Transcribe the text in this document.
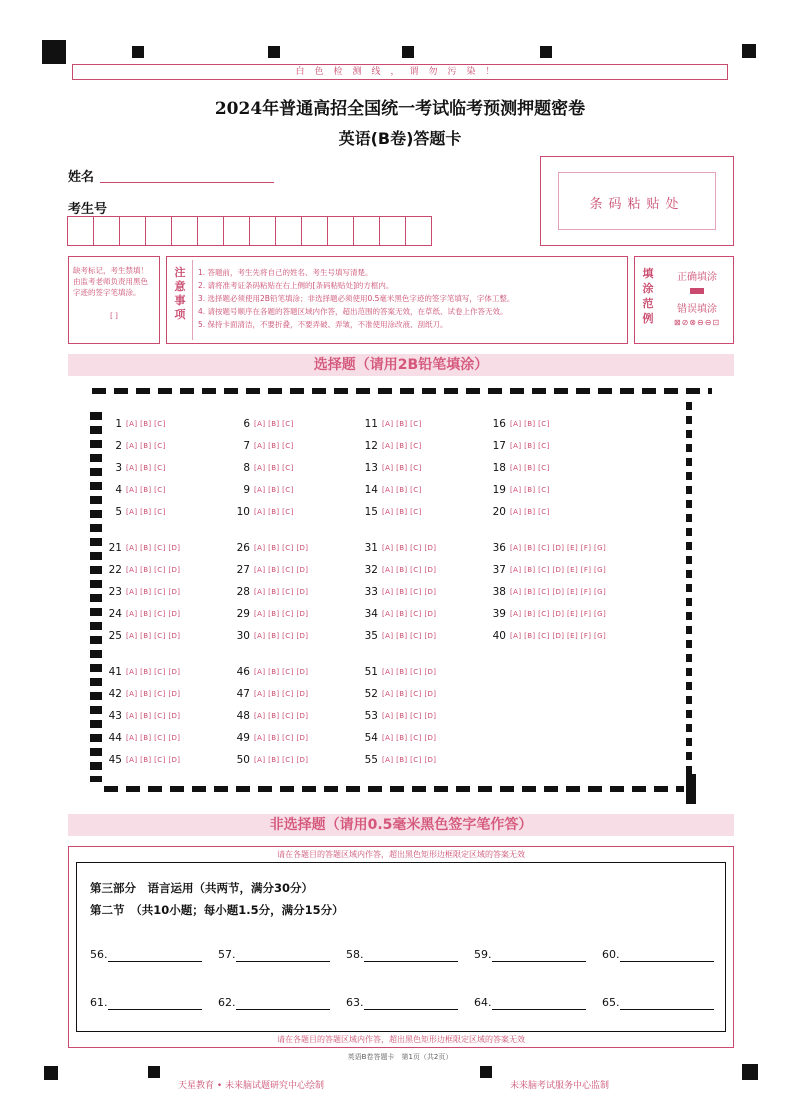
白色检测线，谓勿污染！
2024年普通高招全国统一考试临考预测押题密卷
英语(B卷)答题卡
姓名
考生号	条码粘贴处
缺考标记，考生禁填！由监考老师负责用黑色字迹的签字笔填涂。
[ ]
注意事项
1. 答题前，考生先将自己的姓名、考生号填写清楚。
2. 请将准考证条码粘贴在右上侧的[条码粘贴处]的方框内。
3. 选择题必须使用2B铅笔填涂；非选择题必须使用0.5毫米黑色字迹的签字笔填写，字体工整。
4. 请按题号顺序在各题的答题区域内作答，超出范围的答案无效，在草纸、试卷上作答无效。
5. 保持卡面清洁，不要折叠，不要弄破、弄皱，不准使用涂改液、刮纸刀。
填涂范例
正确填涂
错误填涂
⊠⊘⊗⊖⊖⊡
选择题（请用2B铅笔填涂）
1 [A] [B] [C]
2 [A] [B] [C]
3 [A] [B] [C]
4 [A] [B] [C]
5 [A] [B] [C]
6 [A] [B] [C]
7 [A] [B] [C]
8 [A] [B] [C]
9 [A] [B] [C]
10 [A] [B] [C]
11 [A] [B] [C]
12 [A] [B] [C]
13 [A] [B] [C]
14 [A] [B] [C]
15 [A] [B] [C]
16 [A] [B] [C]
17 [A] [B] [C]
18 [A] [B] [C]
19 [A] [B] [C]
20 [A] [B] [C]
21 [A] [B] [C] [D]
22 [A] [B] [C] [D]
23 [A] [B] [C] [D]
24 [A] [B] [C] [D]
25 [A] [B] [C] [D]
26 [A] [B] [C] [D]
27 [A] [B] [C] [D]
28 [A] [B] [C] [D]
29 [A] [B] [C] [D]
30 [A] [B] [C] [D]
31 [A] [B] [C] [D]
32 [A] [B] [C] [D]
33 [A] [B] [C] [D]
34 [A] [B] [C] [D]
35 [A] [B] [C] [D]
36 [A] [B] [C] [D] [E] [F] [G]
37 [A] [B] [C] [D] [E] [F] [G]
38 [A] [B] [C] [D] [E] [F] [G]
39 [A] [B] [C] [D] [E] [F] [G]
40 [A] [B] [C] [D] [E] [F] [G]
41 [A] [B] [C] [D]
42 [A] [B] [C] [D]
43 [A] [B] [C] [D]
44 [A] [B] [C] [D]
45 [A] [B] [C] [D]
46 [A] [B] [C] [D]
47 [A] [B] [C] [D]
48 [A] [B] [C] [D]
49 [A] [B] [C] [D]
50 [A] [B] [C] [D]
51 [A] [B] [C] [D]
52 [A] [B] [C] [D]
53 [A] [B] [C] [D]
54 [A] [B] [C] [D]
55 [A] [B] [C] [D]
非选择题（请用0.5毫米黑色签字笔作答）
请在各题目的答题区域内作答，超出黑色矩形边框限定区域的答案无效
第三部分　语言运用（共两节，满分30分）
第二节　（共10小题；每小题1.5分，满分15分）
56.	57.	58.	59.	60.
61.	62.	63.	64.	65.
请在各题目的答题区域内作答，超出黑色矩形边框限定区域的答案无效
英语B卷答题卡　第1页（共2页）
天星教育 • 未来脑试题研究中心绘制	未来脑考试服务中心监制
